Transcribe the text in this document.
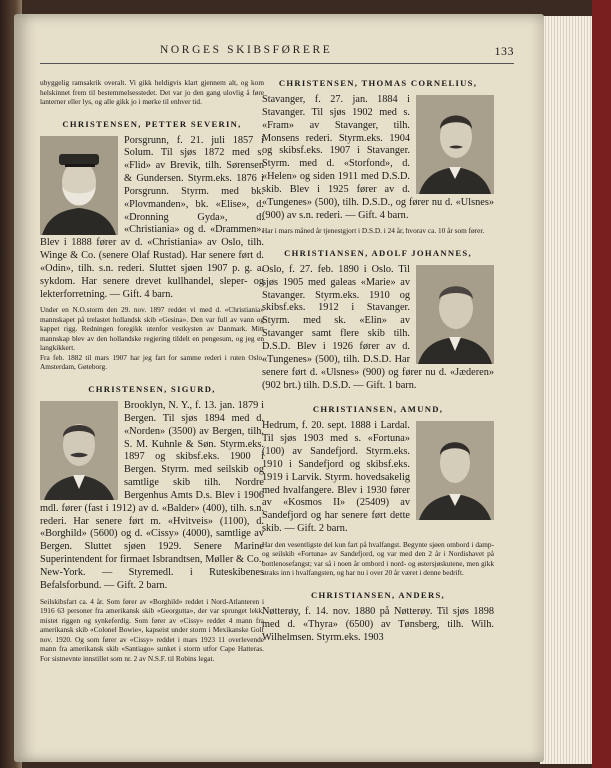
NORGES SKIBSFØRERE	133

ubyggelig ramsakrik overalt. Vi gikk heldigvis klart gjennem alt, og kom helskinnet frem til bestemmelsesstedet. Det var jo den gang ulovlig å føre lanterner eller lys, og alle gikk jo i mørke til enhver tid.

CHRISTENSEN, PETTER SEVERIN,

Porsgrunn, f. 21. juli 1857 i Solum. Til sjøs 1872 med s. «Flid» av Brevik, tilh. Sørensen & Gundersen. Styrm.eks. 1876 i Porsgrunn. Styrm. med bk. «Plovmanden», bk. «Elise», d. «Dronning Gyda», d. «Christiania» og d. «Drammen». Blev i 1888 fører av d. «Christiania» av Oslo, tilh. Winge & Co. (senere Olaf Rustad). Har senere ført d. «Odin», tilh. s.n. rederi. Sluttet sjøen 1907 p. g. a. sykdom. Har senere drevet kullhandel, sleper- og lekterforretning. — Gift. 4 barn.

Under en N.O.storm den 29. nov. 1897 reddet vi med d. «Christiania» mannskapet på trelastet hollandsk skib «Gesina». Den var full av vann og kappet rigg. Redningen foregikk utenfor vestkysten av Danmark. Mitt mannskap blev av den hollandske regjering tildelt en pengesum, og jeg en langkikkert.

Fra feb. 1882 til mars 1907 har jeg fart for samme rederi i ruten Oslo, Amsterdam, Gøteborg.

CHRISTENSEN, SIGURD,

Brooklyn, N. Y., f. 13. jan. 1879 i Bergen. Til sjøs 1894 med d. «Norden» (3500) av Bergen, tilh. S. M. Kuhnle & Søn. Styrm.eks. 1897 og skibsf.eks. 1900 i Bergen. Styrm. med seilskib og samtlige skib tilh. Nordre Bergenhus Amts D.s. Blev i 1906 mdl. fører (fast i 1912) av d. «Balder» (400), tilh. s.n. rederi. Har senere ført m. «Hvitveis» (1100), d. «Borghild» (5600) og d. «Cissy» (4000), samtlige av Bergen. Sluttet sjøen 1929. Senere Marine Superintendent for firmaet Isbrandtsen, Møller & Co., New-York. — Styremedl. i Ruteskibenes Befalsforbund. — Gift. 2 barn.

Seilskibsfart ca. 4 år. Som fører av «Borghild» reddet i Nord-Atlanteren i 1916 63 personer fra amerikansk skib «Georgutta», der var sprunget lekk, mistet riggen og synkeferdig. Som fører av «Cissy» reddet 4 mann fra amerikansk skib «Colonel Bowie», kapseist under storm i Mexikanske Golf nov. 1920. Og som fører av «Cissy» reddet i mars 1923 11 overlevende mann fra amerikansk skib «Santiago» sunket i storm utfor Cape Hatteras. For sistnevnte innstillet som nr. 2 av N.S.F. til Robins legat.

CHRISTENSEN, THOMAS CORNELIUS,

Stavanger, f. 27. jan. 1884 i Stavanger. Til sjøs 1902 med s. «Fram» av Stavanger, tilh. Monsens rederi. Styrm.eks. 1904 og skibsf.eks. 1907 i Stavanger. Styrm. med d. «Storfond», d. «Helen» og siden 1911 med D.S.D. skib. Blev i 1925 fører av d. «Tungenes» (500), tilh. D.S.D., og fører nu d. «Ulsnes» (900) av s.n. rederi. — Gift. 4 barn.

Har i mars måned år tjenestgjort i D.S.D. i 24 år, hvorav ca. 10 år som fører.

CHRISTIANSEN, ADOLF JOHANNES,

Oslo, f. 27. feb. 1890 i Oslo. Til sjøs 1905 med galeas «Marie» av Stavanger. Styrm.eks. 1910 og skibsf.eks. 1912 i Stavanger. Styrm. med sk. «Elin» av Stavanger samt flere skib tilh. D.S.D. Blev i 1926 fører av d. «Tungenes» (500), tilh. D.S.D. Har senere ført d. «Ulsnes» (900) og fører nu d. «Jæderen» (902 brt.) tilh. D.S.D. — Gift. 1 barn.

CHRISTIANSEN, AMUND,

Hedrum, f. 20. sept. 1888 i Lardal. Til sjøs 1903 med s. «Fortuna» (100) av Sandefjord. Styrm.eks. 1910 i Sandefjord og skibsf.eks. 1919 i Larvik. Styrm. hovedsakelig med hvalfangere. Blev i 1930 fører av «Kosmos II» (25409) av Sandefjord og har senere ført dette skib. — Gift. 2 barn.

Har den vesentligste del kun fart på hvalfangst. Begynte sjøen ombord i damp- og seilskib «Fortuna» av Sandefjord, og var med den 2 år i Nordishavet på bottlenosefangst; var så i noen år ombord i nord- og østersjøskutene, men gikk straks inn i hvalfangsten, og har nu i over 20 år været i denne bedrift.

CHRISTIANSEN, ANDERS,

Nøtterøy, f. 14. nov. 1880 på Nøtterøy. Til sjøs 1898 med d. «Thyra» (6500) av Tønsberg, tilh. Wilh. Wilhelmsen. Styrm.eks. 1903
